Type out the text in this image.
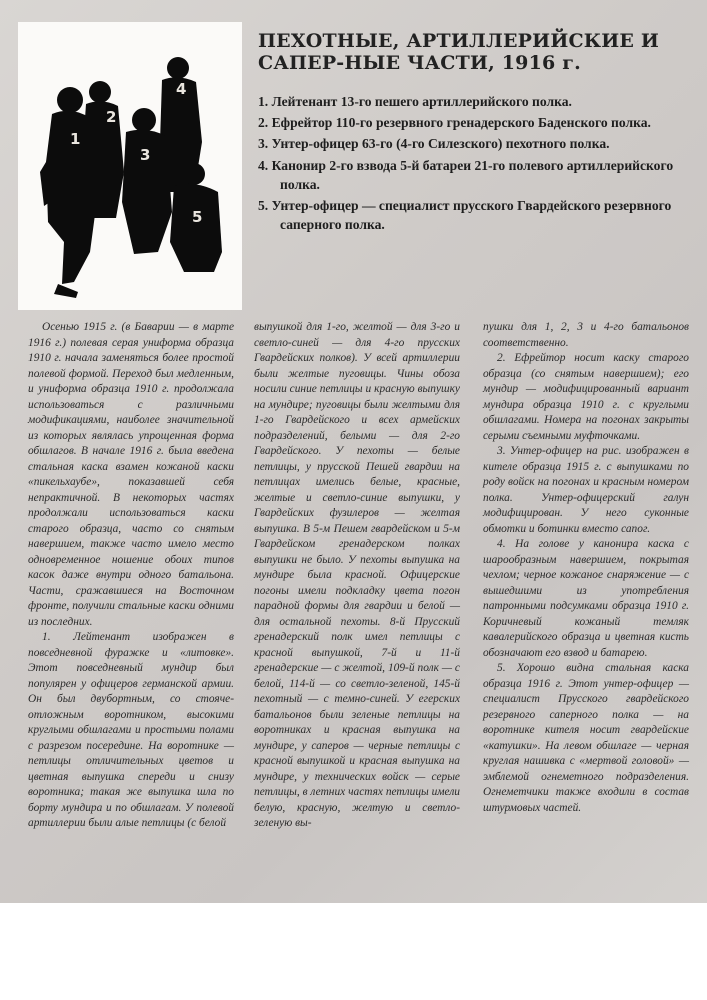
1
2
3
4
5
ПЕХОТНЫЕ, АРТИЛЛЕРИЙСКИЕ И САПЕР-НЫЕ ЧАСТИ, 1916 г.
1. Лейтенант 13-го пешего артиллерийского полка.
2. Ефрейтор 110-го резервного гренадерского Баденского полка.
3. Унтер-офицер 63-го (4-го Силезского) пехотного полка.
4. Канонир 2-го взвода 5-й батареи 21-го полевого артиллерийского полка.
5. Унтер-офицер — специалист прусского Гвардейского резервного саперного полка.

Осенью 1915 г. (в Баварии — в марте 1916 г.) полевая серая униформа образца 1910 г. начала заменяться более простой полевой формой. Переход был медленным, и униформа образца 1910 г. продолжала использоваться с различными модификациями, наиболее значительной из которых являлась упрощенная форма обшлагов. В начале 1916 г. была введена стальная каска взамен кожаной каски «пикельхаубе», показавшей себя непрактичной. В некоторых частях продолжали использоваться каски старого образца, часто со снятым навершием, также часто имело место одновременное ношение обоих типов касок даже внутри одного батальона. Части, сражавшиеся на Восточном фронте, получили стальные каски одними из последних.

1. Лейтенант изображен в повседневной фуражке и «литовке». Этот повседневный мундир был популярен у офицеров германской армии. Он был двубортным, со стояче-отложным воротником, высокими круглыми обшлагами и простыми полами с разрезом посередине. На воротнике — петлицы отличительных цветов и цветная выпушка спереди и снизу воротника; такая же выпушка шла по борту мундира и по обшлагам. У полевой артиллерии были алые петлицы (с белой

выпушкой для 1-го, желтой — для 3-го и светло-синей — для 4-го прусских Гвардейских полков). У всей артиллерии были желтые пуговицы. Чины обоза носили синие петлицы и красную выпушку на мундире; пуговицы были желтыми для 1-го Гвардейского и всех армейских подразделений, белыми — для 2-го Гвардейского. У пехоты — белые петлицы, у прусской Пешей гвардии на петлицах имелись белые, красные, желтые и светло-синие выпушки, у Гвардейских фузилеров — желтая выпушка. В 5-м Пешем гвардейском и 5-м Гвардейском гренадерском полках выпушки не было. У пехоты выпушка на мундире была красной. Офицерские погоны имели подкладку цвета погон парадной формы для гвардии и белой — для остальной пехоты. 8-й Прусский гренадерский полк имел петлицы с красной выпушкой, 7-й и 11-й гренадерские — с желтой, 109-й полк — с белой, 114-й — со светло-зеленой, 145-й пехотный — с темно-синей. У егерских батальонов были зеленые петлицы на воротниках и красная выпушка на мундире, у саперов — черные петлицы с красной выпушкой и красная выпушка на мундире, у технических войск — серые петлицы, в летних частях петлицы имели белую, красную, желтую и светло-зеленую вы-

пушки для 1, 2, 3 и 4-го батальонов соответственно.

2. Ефрейтор носит каску старого образца (со снятым навершием); его мундир — модифицированный вариант мундира образца 1910 г. с круглыми обшлагами. Номера на погонах закрыты серыми съемными муфточками.

3. Унтер-офицер на рис. изображен в кителе образца 1915 г. с выпушками по роду войск на погонах и красным номером полка. Унтер-офицерский галун модифицирован. У него суконные обмотки и ботинки вместо сапог.

4. На голове у канонира каска с шарообразным навершием, покрытая чехлом; черное кожаное снаряжение — с вышедшими из употребления патронными подсумками образца 1910 г. Коричневый кожаный темляк кавалерийского образца и цветная кисть обозначают его взвод и батарею.

5. Хорошо видна стальная каска образца 1916 г. Этот унтер-офицер — специалист Прусского гвардейского резервного саперного полка — на воротнике кителя носит гвардейские «катушки». На левом обшлаге — черная круглая нашивка с «мертвой головой» — эмблемой огнеметного подразделения. Огнеметчики также входили в состав штурмовых частей.
